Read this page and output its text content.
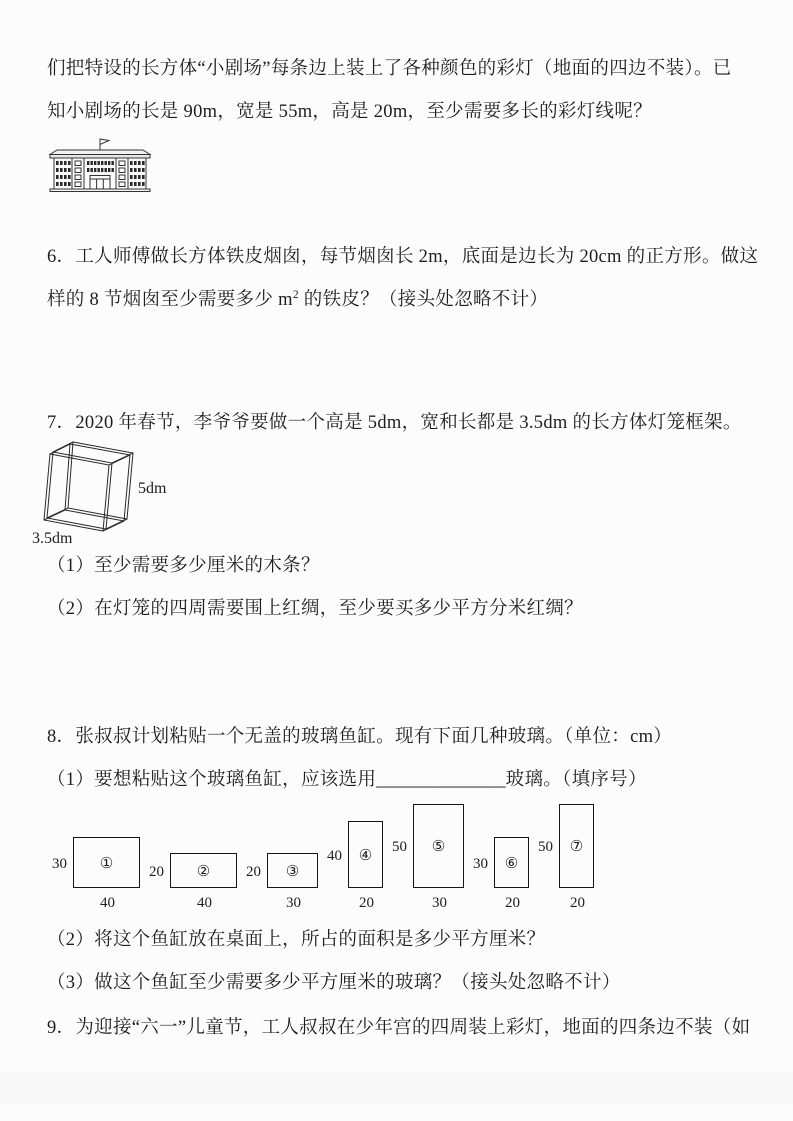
们把特设的长方体“小剧场”每条边上装上了各种颜色的彩灯（地面的四边不装）。已
知小剧场的长是 90m，宽是 55m，高是 20m，至少需要多长的彩灯线呢？
6．工人师傅做长方体铁皮烟囱，每节烟囱长 2m，底面是边长为 20cm 的正方形。做这
样的 8 节烟囱至少需要多少 $m^2$ 的铁皮？（接头处忽略不计）
7．2020 年春节，李爷爷要做一个高是 5dm，宽和长都是 3.5dm 的长方体灯笼框架。
5dm
3.5dm
（1）至少需要多少厘米的木条？
（2）在灯笼的四周需要围上红绸，至少要买多少平方分米红绸？
8．张叔叔计划粘贴一个无盖的玻璃鱼缸。现有下面几种玻璃。（单位：cm）
（1）要想粘贴这个玻璃鱼缸，应该选用______________玻璃。（填序号）
30 ①
40
20 ②
40
20 ③
30
40 ④
20
50 ⑤
30
30 ⑥
20
50 ⑦
20
（2）将这个鱼缸放在桌面上，所占的面积是多少平方厘米？
（3）做这个鱼缸至少需要多少平方厘米的玻璃？（接头处忽略不计）
9．为迎接“六一”儿童节，工人叔叔在少年宫的四周装上彩灯，地面的四条边不装（如
